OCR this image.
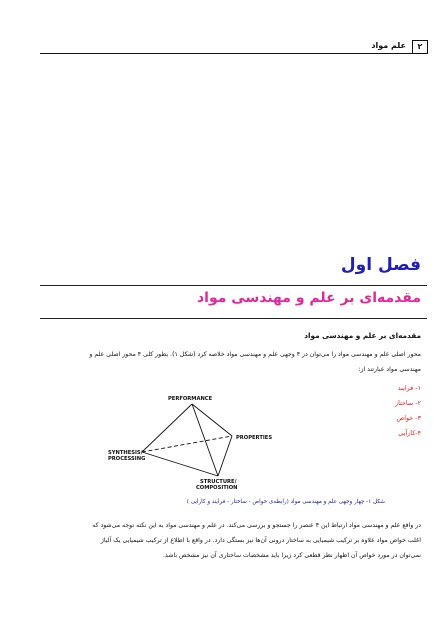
۲
علم مواد
فصل اول
مقدمه‌ای بر علم و مهندسی مواد
مقدمه‌ای بر علم و مهندسی مواد
محور اصلی علم و مهندسی مواد را می‌توان در ۴ وجهی علم و مهندسی مواد خلاصه کرد (شکل ۱). بطور کلی ۴ محور اصلی علم و
مهندسی مواد عبارتند از:
۱- فرایند
۲- ساختار
۳- خواص
۴-کارآیی
PERFORMANCE
PROPERTIES
SYNTHESIS/
PROCESSING
STRUCTURE/
COMPOSITION
شکل ۱- چهار وجهی علم و مهندسی مواد (رابطه‌ی خواص - ساختار - فرایند و کارایی )
در واقع علم و مهندسی مواد ارتباط این ۴ عنصر را جستجو و بررسی می‌کند. در علم و مهندسی مواد به این نکته توجه می‌شود که
اغلب خواص مواد علاوه بر ترکیب شیمیایی به ساختار درونی آن‌ها نیز بستگی دارد. در واقع با اطلاع از ترکیب شیمیایی یک آلیاژ
نمی‌توان در مورد خواص آن اظهار نظر قطعی کرد زیرا باید مشخصات ساختاری آن نیز مشخص باشد.
